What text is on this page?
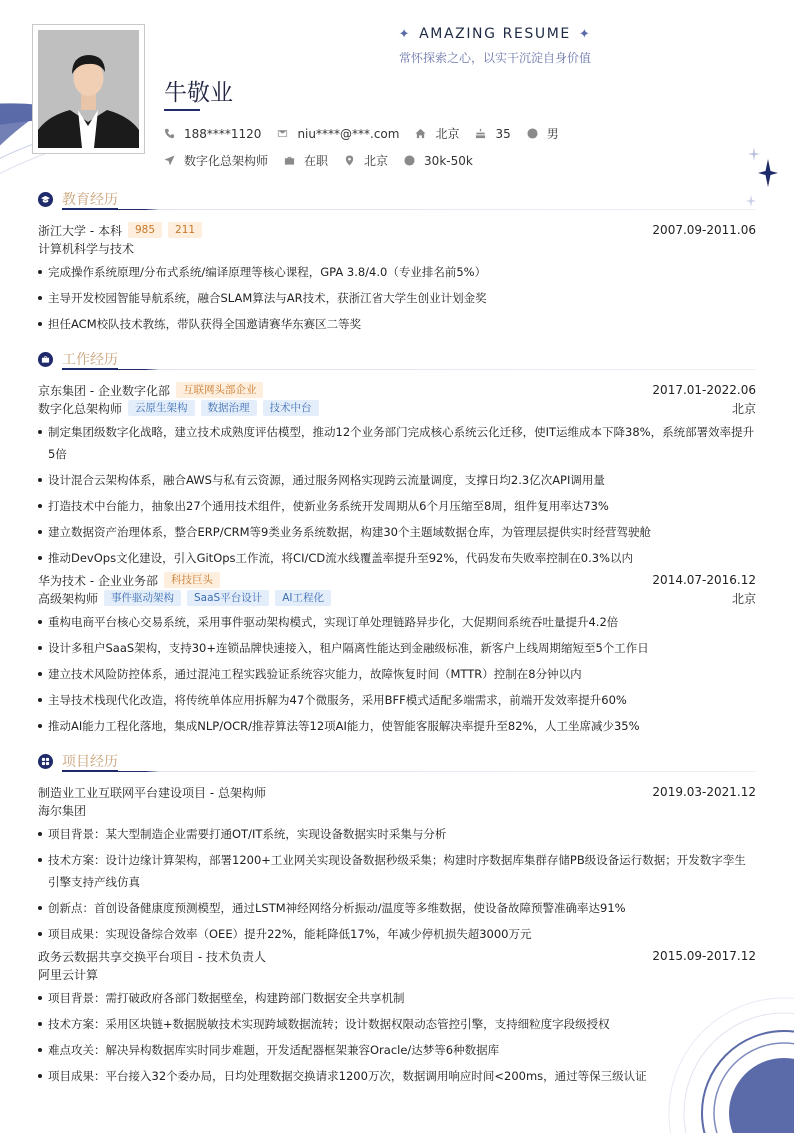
✦ AMAZING RESUME ✦
常怀探索之心，以实干沉淀自身价值
牛敬业
188****1120	niu****@***.com	北京	35	男
数字化总架构师	在职	北京	30k-50k
教育经历
浙江大学 - 本科	985	211	2007.09-2011.06
计算机科学与技术
完成操作系统原理/分布式系统/编译原理等核心课程，GPA 3.8/4.0（专业排名前5%）
主导开发校园智能导航系统，融合SLAM算法与AR技术，获浙江省大学生创业计划金奖
担任ACM校队技术教练，带队获得全国邀请赛华东赛区二等奖
工作经历
京东集团 - 企业数字化部	互联网头部企业	2017.01-2022.06
数字化总架构师	云原生架构	数据治理	技术中台	北京
制定集团级数字化战略，建立技术成熟度评估模型，推动12个业务部门完成核心系统云化迁移，使IT运维成本下降38%，系统部署效率提升5倍
设计混合云架构体系，融合AWS与私有云资源，通过服务网格实现跨云流量调度，支撑日均2.3亿次API调用量
打造技术中台能力，抽象出27个通用技术组件，使新业务系统开发周期从6个月压缩至8周，组件复用率达73%
建立数据资产治理体系，整合ERP/CRM等9类业务系统数据，构建30个主题域数据仓库，为管理层提供实时经营驾驶舱
推动DevOps文化建设，引入GitOps工作流，将CI/CD流水线覆盖率提升至92%，代码发布失败率控制在0.3%以内
华为技术 - 企业业务部	科技巨头	2014.07-2016.12
高级架构师	事件驱动架构	SaaS平台设计	AI工程化	北京
重构电商平台核心交易系统，采用事件驱动架构模式，实现订单处理链路异步化，大促期间系统吞吐量提升4.2倍
设计多租户SaaS架构，支持30+连锁品牌快速接入，租户隔离性能达到金融级标准，新客户上线周期缩短至5个工作日
建立技术风险防控体系，通过混沌工程实践验证系统容灾能力，故障恢复时间（MTTR）控制在8分钟以内
主导技术栈现代化改造，将传统单体应用拆解为47个微服务，采用BFF模式适配多端需求，前端开发效率提升60%
推动AI能力工程化落地，集成NLP/OCR/推荐算法等12项AI能力，使智能客服解决率提升至82%，人工坐席减少35%
项目经历
制造业工业互联网平台建设项目 - 总架构师	2019.03-2021.12
海尔集团
项目背景：某大型制造企业需要打通OT/IT系统，实现设备数据实时采集与分析
技术方案：设计边缘计算架构，部署1200+工业网关实现设备数据秒级采集；构建时序数据库集群存储PB级设备运行数据；开发数字孪生引擎支持产线仿真
创新点：首创设备健康度预测模型，通过LSTM神经网络分析振动/温度等多维数据，使设备故障预警准确率达91%
项目成果：实现设备综合效率（OEE）提升22%，能耗降低17%，年减少停机损失超3000万元
政务云数据共享交换平台项目 - 技术负责人	2015.09-2017.12
阿里云计算
项目背景：需打破政府各部门数据壁垒，构建跨部门数据安全共享机制
技术方案：采用区块链+数据脱敏技术实现跨域数据流转；设计数据权限动态管控引擎，支持细粒度字段级授权
难点攻关：解决异构数据库实时同步难题，开发适配器框架兼容Oracle/达梦等6种数据库
项目成果：平台接入32个委办局，日均处理数据交换请求1200万次，数据调用响应时间<200ms，通过等保三级认证
